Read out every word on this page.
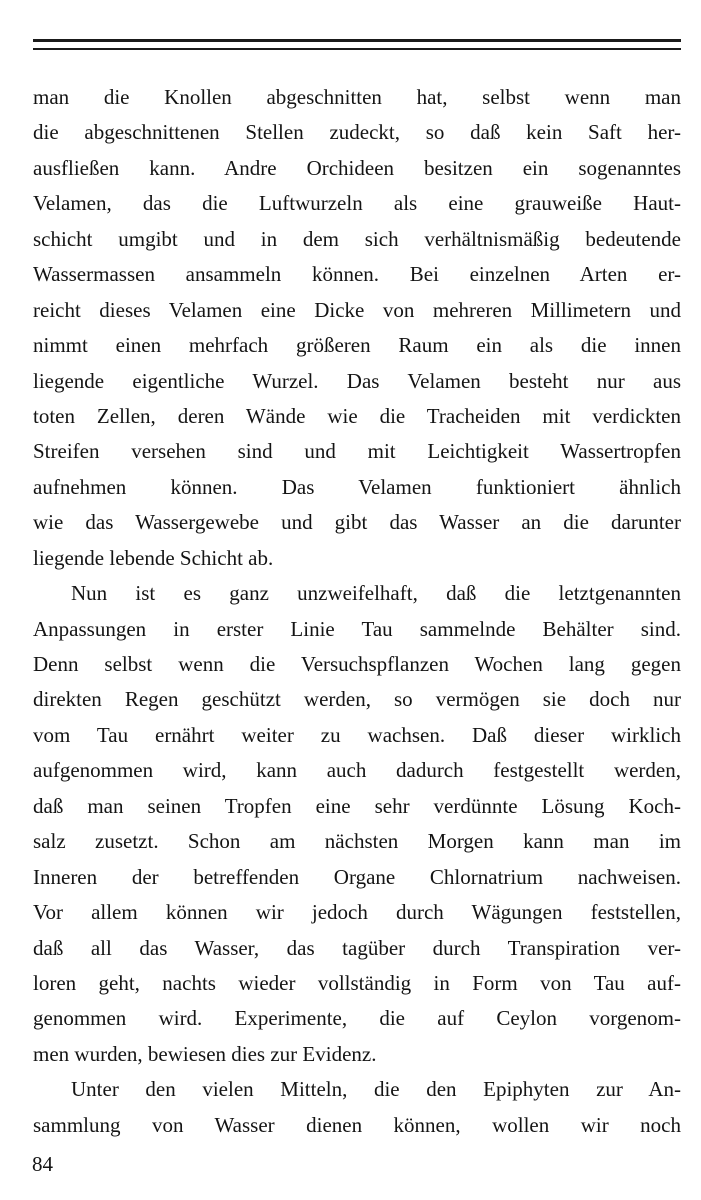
man die Knollen abgeschnitten hat, selbst wenn man
die abgeschnittenen Stellen zudeckt, so daß kein Saft her-
ausfließen kann. Andre Orchideen besitzen ein sogenanntes
Velamen, das die Luftwurzeln als eine grauweiße Haut-
schicht umgibt und in dem sich verhältnismäßig bedeutende
Wassermassen ansammeln können. Bei einzelnen Arten er-
reicht dieses Velamen eine Dicke von mehreren Millimetern und
nimmt einen mehrfach größeren Raum ein als die innen
liegende eigentliche Wurzel. Das Velamen besteht nur aus
toten Zellen, deren Wände wie die Tracheiden mit verdickten
Streifen versehen sind und mit Leichtigkeit Wassertropfen
aufnehmen können. Das Velamen funktioniert ähnlich
wie das Wassergewebe und gibt das Wasser an die darunter
liegende lebende Schicht ab.
Nun ist es ganz unzweifelhaft, daß die letztgenannten
Anpassungen in erster Linie Tau sammelnde Behälter sind.
Denn selbst wenn die Versuchspflanzen Wochen lang gegen
direkten Regen geschützt werden, so vermögen sie doch nur
vom Tau ernährt weiter zu wachsen. Daß dieser wirklich
aufgenommen wird, kann auch dadurch festgestellt werden,
daß man seinen Tropfen eine sehr verdünnte Lösung Koch-
salz zusetzt. Schon am nächsten Morgen kann man im
Inneren der betreffenden Organe Chlornatrium nachweisen.
Vor allem können wir jedoch durch Wägungen feststellen,
daß all das Wasser, das tagüber durch Transpiration ver-
loren geht, nachts wieder vollständig in Form von Tau auf-
genommen wird. Experimente, die auf Ceylon vorgenom-
men wurden, bewiesen dies zur Evidenz.
Unter den vielen Mitteln, die den Epiphyten zur An-
sammlung von Wasser dienen können, wollen wir noch
84
